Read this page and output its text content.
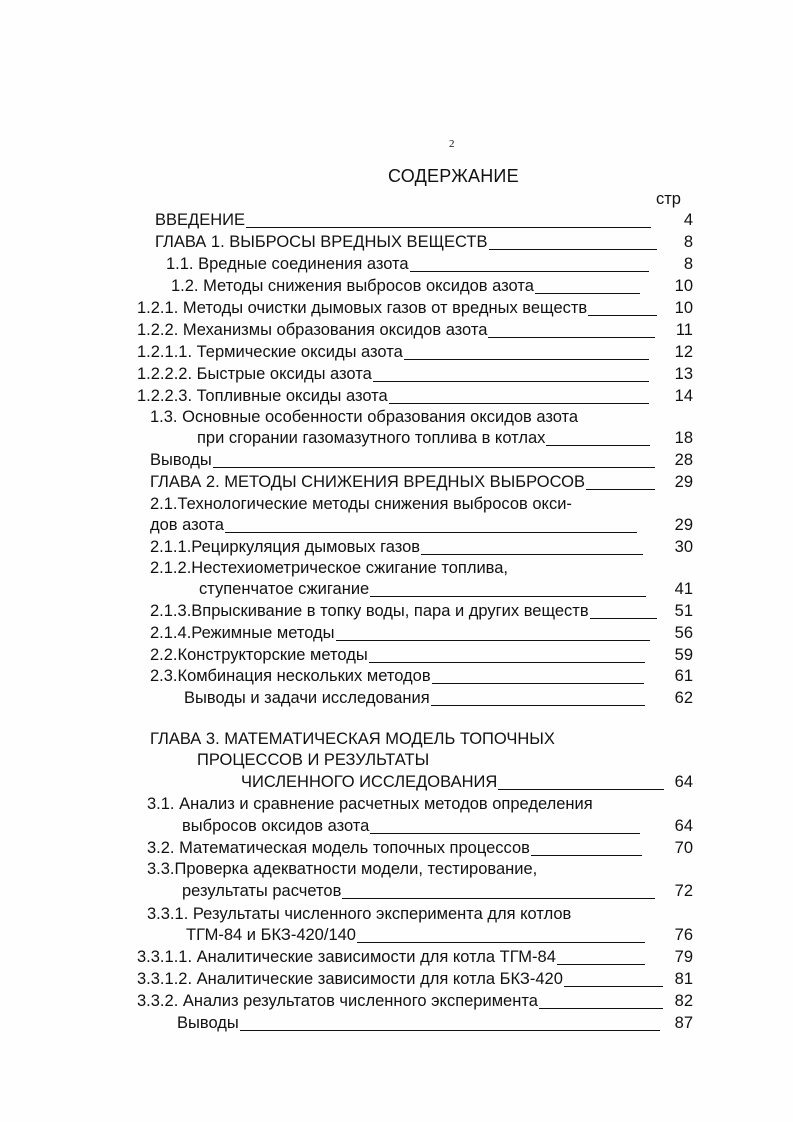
2
СОДЕРЖАНИЕ
стр
ВВЕДЕНИЕ	4
ГЛАВА 1. ВЫБРОСЫ ВРЕДНЫХ ВЕЩЕСТВ	8
1.1. Вредные соединения азота	8
1.2. Методы снижения выбросов оксидов азота	10
1.2.1. Методы очистки дымовых газов от вредных веществ	10
1.2.2. Механизмы образования оксидов азота	11
1.2.1.1. Термические оксиды азота	12
1.2.2.2. Быстрые оксиды азота	13
1.2.2.3. Топливные оксиды азота	14
1.3. Основные особенности образования оксидов азота
при сгорании газомазутного топлива в котлах	18
Выводы	28
ГЛАВА 2. МЕТОДЫ СНИЖЕНИЯ ВРЕДНЫХ ВЫБРОСОВ	29
2.1.Технологические методы снижения выбросов окси-
дов азота	29
2.1.1.Рециркуляция дымовых газов	30
2.1.2.Нестехиометрическое сжигание топлива,
ступенчатое сжигание	41
2.1.3.Впрыскивание в топку воды, пара и других веществ	51
2.1.4.Режимные методы	56
2.2.Конструкторские методы	59
2.3.Комбинация нескольких методов	61
Выводы и задачи исследования	62
ГЛАВА 3. МАТЕМАТИЧЕСКАЯ МОДЕЛЬ ТОПОЧНЫХ
ПРОЦЕССОВ И РЕЗУЛЬТАТЫ
ЧИСЛЕННОГО ИССЛЕДОВАНИЯ	64
3.1. Анализ и сравнение расчетных методов определения
выбросов оксидов азота	64
3.2. Математическая модель топочных процессов	70
3.3.Проверка адекватности модели, тестирование,
результаты расчетов	72
3.3.1. Результаты численного эксперимента для котлов
ТГМ-84 и БКЗ-420/140	76
3.3.1.1. Аналитические зависимости для котла ТГМ-84	79
3.3.1.2. Аналитические зависимости для котла БКЗ-420	81
3.3.2. Анализ результатов численного эксперимента	82
Выводы	87
